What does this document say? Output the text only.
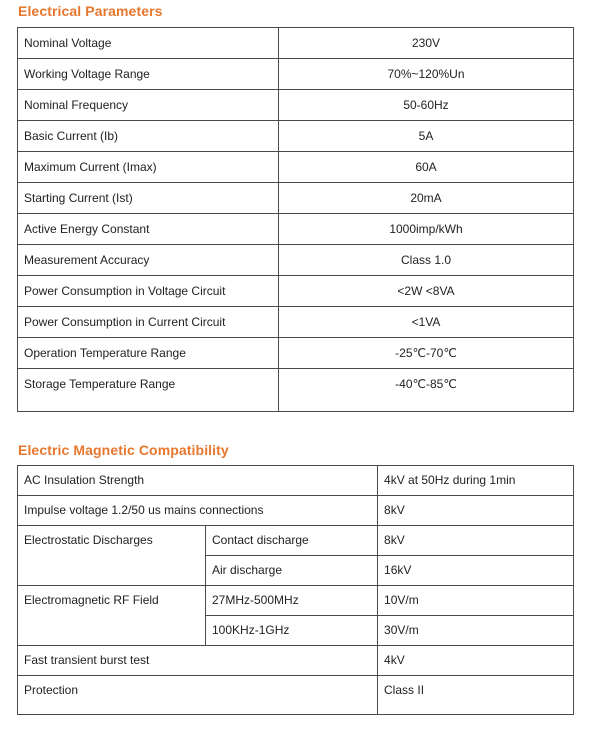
Electrical Parameters
Nominal Voltage	230V
Working Voltage Range	70%~120%Un
Nominal Frequency	50-60Hz
Basic Current (Ib)	5A
Maximum Current (Imax)	60A
Starting Current (Ist)	20mA
Active Energy Constant	1000imp/kWh
Measurement Accuracy	Class 1.0
Power Consumption in Voltage Circuit	<2W <8VA
Power Consumption in Current Circuit	<1VA
Operation Temperature Range	-25℃-70℃
Storage Temperature Range	-40℃-85℃
Electric Magnetic Compatibility
AC Insulation Strength		4kV at 50Hz during 1min
Impulse voltage 1.2/50 us mains connections		8kV
Electrostatic Discharges	Contact discharge	8kV
	Air discharge	16kV
Electromagnetic RF Field	27MHz-500MHz	10V/m
	100KHz-1GHz	30V/m
Fast transient burst test		4kV
Protection		Class II
